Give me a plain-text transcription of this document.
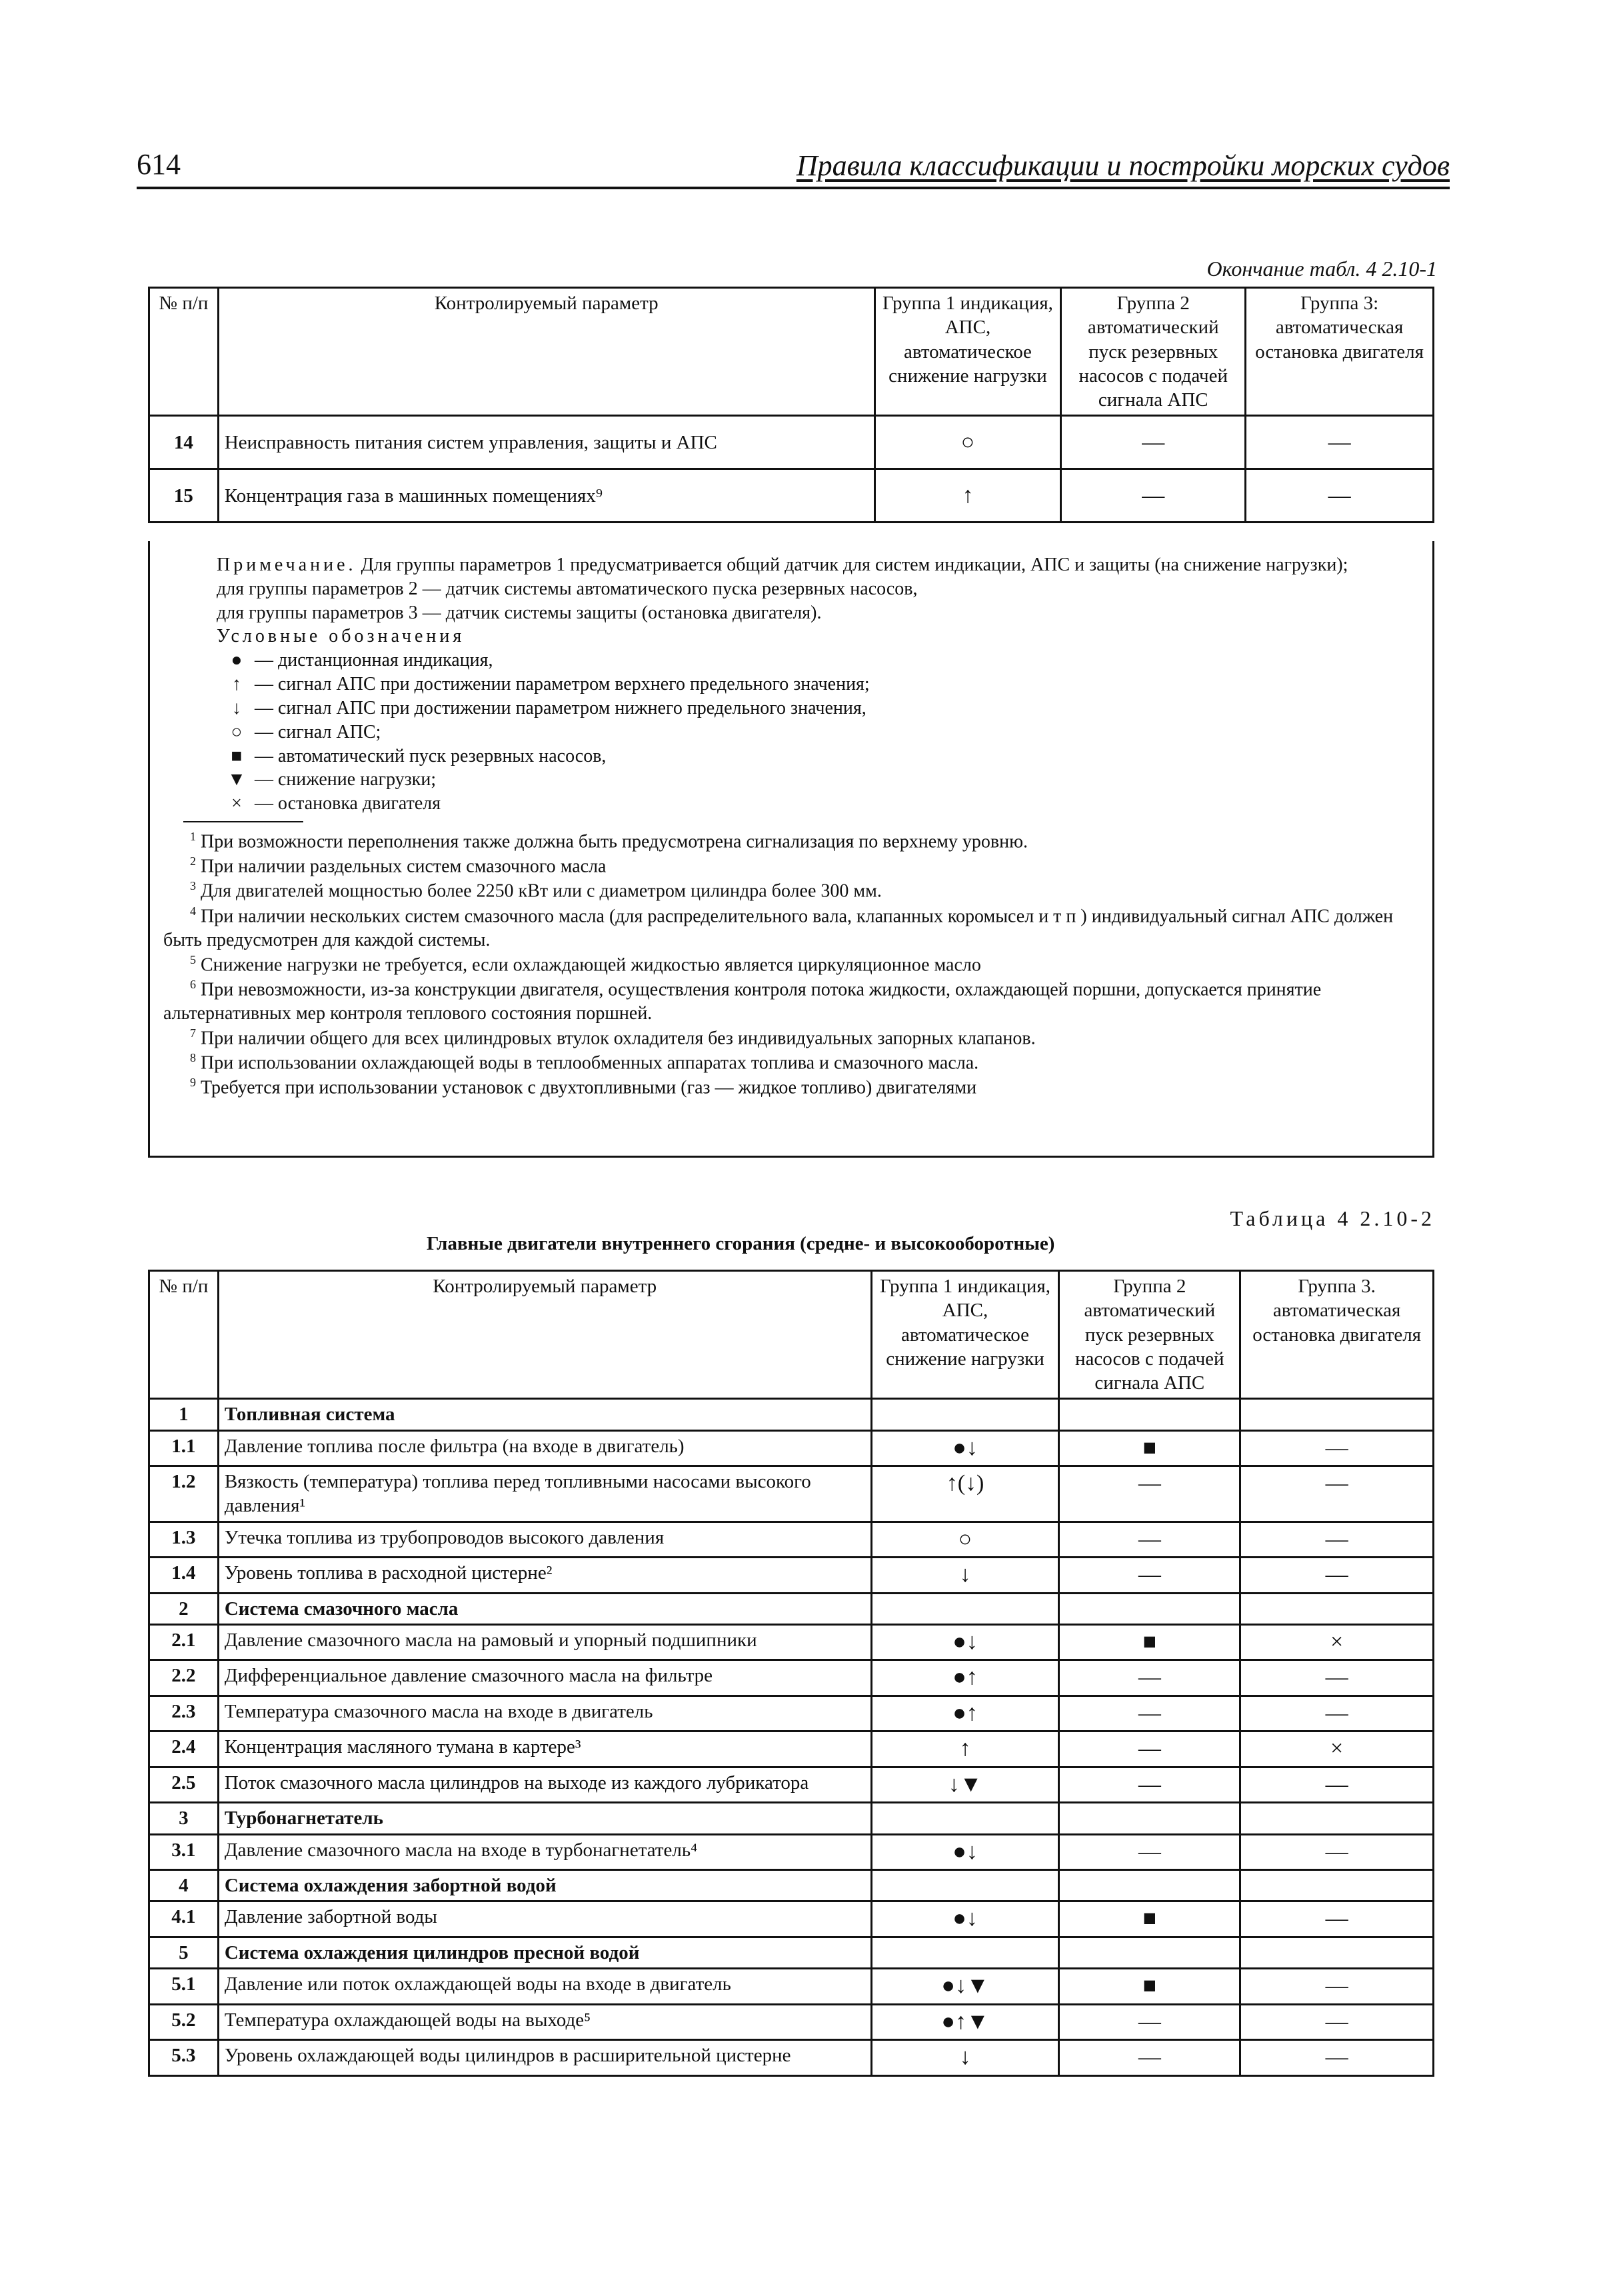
614	Правила классификации и постройки морских судов
Окончание табл. 4 2.10-1
№ п/п	Контролируемый параметр	Группа 1 индикация, АПС, автоматическое снижение нагрузки	Группа 2 автоматический пуск резервных насосов с подачей сигнала АПС	Группа 3: автоматическая остановка двигателя
14	Неисправность питания систем управления, защиты и АПС	○	—	—
15	Концентрация газа в машинных помещениях⁹	↑	—	—

Примечание. Для группы параметров 1 предусматривается общий датчик для систем индикации, АПС и защиты (на снижение нагрузки);

для группы параметров 2 — датчик системы автоматического пуска резервных насосов,

для группы параметров 3 — датчик системы защиты (остановка двигателя).

Условные обозначения

● — дистанционная индикация,

↑ — сигнал АПС при достижении параметром верхнего предельного значения;

↓ — сигнал АПС при достижении параметром нижнего предельного значения,

○ — сигнал АПС;

■ — автоматический пуск резервных насосов,

▼ — снижение нагрузки;

× — остановка двигателя

$^1$ При возможности переполнения также должна быть предусмотрена сигнализация по верхнему уровню.

$^2$ При наличии раздельных систем смазочного масла

$^3$ Для двигателей мощностью более 2250 кВт или с диаметром цилиндра более 300 мм.

$^4$ При наличии нескольких систем смазочного масла (для распределительного вала, клапанных коромысел и т п ) индивидуальный сигнал АПС должен быть предусмотрен для каждой системы.

$^5$ Снижение нагрузки не требуется, если охлаждающей жидкостью является циркуляционное масло

$^6$ При невозможности, из-за конструкции двигателя, осуществления контроля потока жидкости, охлаждающей поршни, допускается принятие альтернативных мер контроля теплового состояния поршней.

$^7$ При наличии общего для всех цилиндровых втулок охладителя без индивидуальных запорных клапанов.

$^8$ При использовании охлаждающей воды в теплообменных аппаратах топлива и смазочного масла.

$^9$ Требуется при использовании установок с двухтопливными (газ — жидкое топливо) двигателями

Таблица 4 2.10-2
Главные двигатели внутреннего сгорания (средне- и высокооборотные)
№ п/п	Контролируемый параметр	Группа 1 индикация, АПС, автоматическое снижение нагрузки	Группа 2 автоматический пуск резервных насосов с подачей сигнала АПС	Группа 3. автоматическая остановка двигателя
1	Топливная система			
1.1	Давление топлива после фильтра (на входе в двигатель)	●↓	■	—
1.2	Вязкость (температура) топлива перед топливными насосами высокого давления¹	↑(↓)	—	—
1.3	Утечка топлива из трубопроводов высокого давления	○	—	—
1.4	Уровень топлива в расходной цистерне²	↓	—	—
2	Система смазочного масла			
2.1	Давление смазочного масла на рамовый и упорный подшипники	●↓	■	×
2.2	Дифференциальное давление смазочного масла на фильтре	●↑	—	—
2.3	Температура смазочного масла на входе в двигатель	●↑	—	—
2.4	Концентрация масляного тумана в картере³	↑	—	×
2.5	Поток смазочного масла цилиндров на выходе из каждого лубрикатора	↓▼	—	—
3	Турбонагнетатель			
3.1	Давление смазочного масла на входе в турбонагнетатель⁴	●↓	—	—
4	Система охлаждения забортной водой			
4.1	Давление забортной воды	●↓	■	—
5	Система охлаждения цилиндров пресной водой			
5.1	Давление или поток охлаждающей воды на входе в двигатель	●↓▼	■	—
5.2	Температура охлаждающей воды на выходе⁵	●↑▼	—	—
5.3	Уровень охлаждающей воды цилиндров в расширительной цистерне	↓	—	—
